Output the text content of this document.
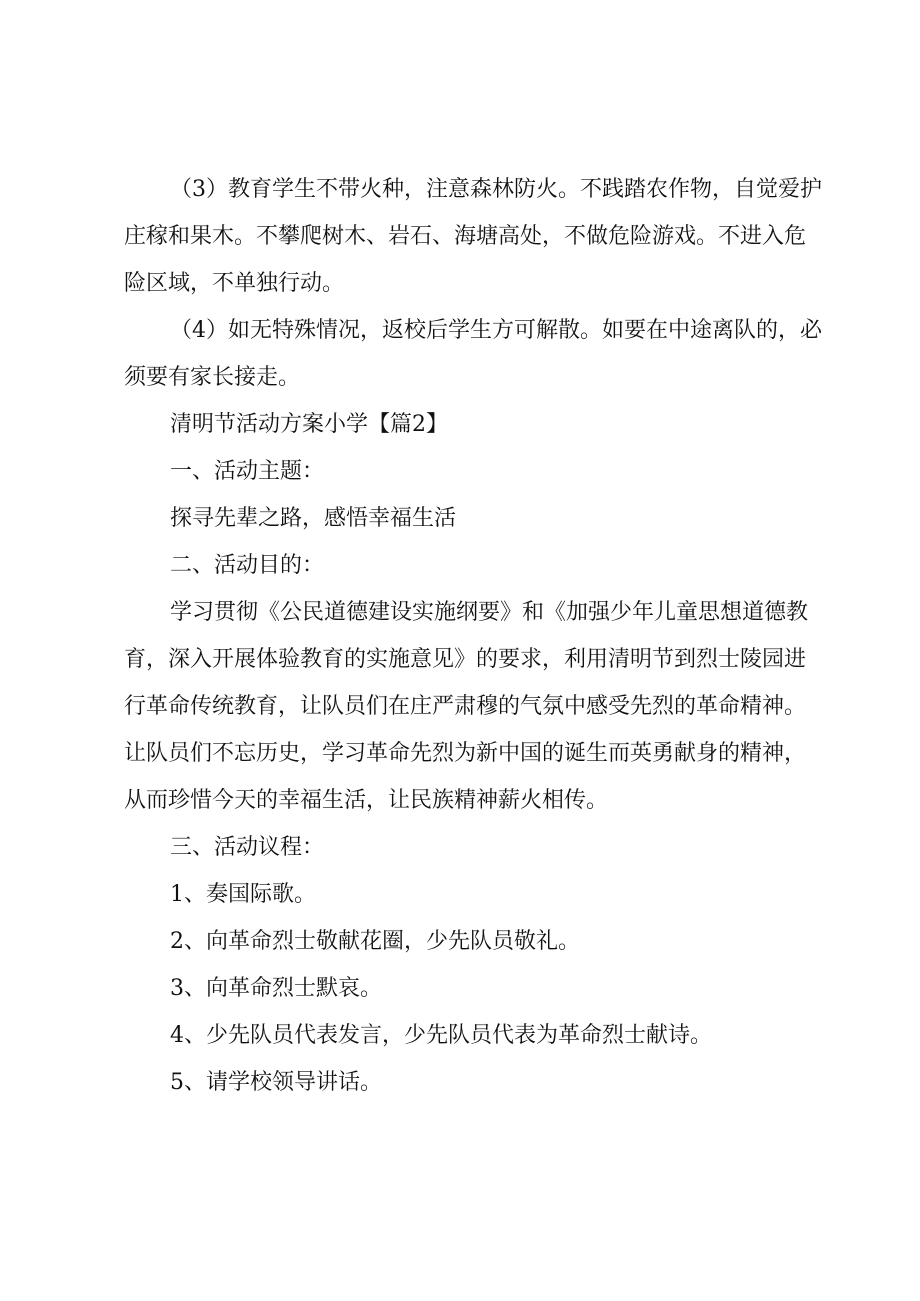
（3）教育学生不带火种，注意森林防火。不践踏农作物，自觉爱护庄稼和果木。不攀爬树木、岩石、海塘高处，不做危险游戏。不进入危险区域，不单独行动。

（4）如无特殊情况，返校后学生方可解散。如要在中途离队的，必须要有家长接走。

清明节活动方案小学【篇2】

一、活动主题：

探寻先辈之路，感悟幸福生活

二、活动目的：

学习贯彻《公民道德建设实施纲要》和《加强少年儿童思想道德教育，深入开展体验教育的实施意见》的要求，利用清明节到烈士陵园进行革命传统教育，让队员们在庄严肃穆的气氛中感受先烈的革命精神。让队员们不忘历史，学习革命先烈为新中国的诞生而英勇献身的精神，从而珍惜今天的幸福生活，让民族精神薪火相传。

三、活动议程：

1、奏国际歌。

2、向革命烈士敬献花圈，少先队员敬礼。

3、向革命烈士默哀。

4、少先队员代表发言，少先队员代表为革命烈士献诗。

5、请学校领导讲话。
